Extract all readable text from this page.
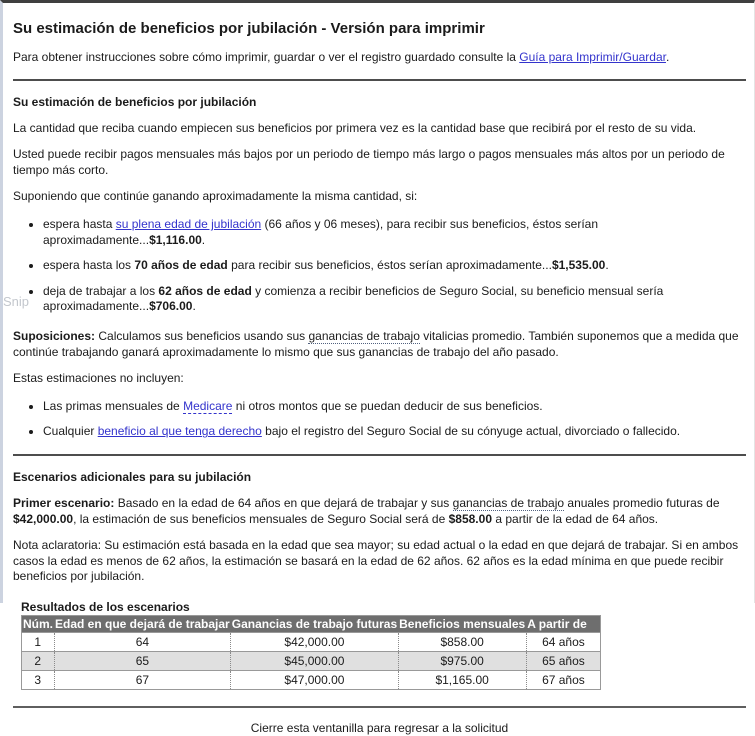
Snip
Su estimación de beneficios por jubilación - Versión para imprimir

Para obtener instrucciones sobre cómo imprimir, guardar o ver el registro guardado consulte la Guía para Imprimir/Guardar.

Su estimación de beneficios por jubilación

La cantidad que reciba cuando empiecen sus beneficios por primera vez es la cantidad base que recibirá por el resto de su vida.

Usted puede recibir pagos mensuales más bajos por un periodo de tiempo más largo o pagos mensuales más altos por un periodo de tiempo más corto.

Suponiendo que continúe ganando aproximadamente la misma cantidad, si:

• espera hasta su plena edad de jubilación (66 años y 06 meses), para recibir sus beneficios, éstos serían aproximadamente...$1,116.00.
• espera hasta los 70 años de edad para recibir sus beneficios, éstos serían aproximadamente...$1,535.00.
• deja de trabajar a los 62 años de edad y comienza a recibir beneficios de Seguro Social, su beneficio mensual sería aproximadamente...$706.00.

Suposiciones: Calculamos sus beneficios usando sus ganancias de trabajo vitalicias promedio. También suponemos que a medida que continúe trabajando ganará aproximadamente lo mismo que sus ganancias de trabajo del año pasado.

Estas estimaciones no incluyen:

• Las primas mensuales de Medicare ni otros montos que se puedan deducir de sus beneficios.
• Cualquier beneficio al que tenga derecho bajo el registro del Seguro Social de su cónyuge actual, divorciado o fallecido.
Escenarios adicionales para su jubilación

Primer escenario: Basado en la edad de 64 años en que dejará de trabajar y sus ganancias de trabajo anuales promedio futuras de $42,000.00, la estimación de sus beneficios mensuales de Seguro Social será de $858.00 a partir de la edad de 64 años.

Nota aclaratoria: Su estimación está basada en la edad que sea mayor; su edad actual o la edad en que dejará de trabajar. Si en ambos casos la edad es menos de 62 años, la estimación se basará en la edad de 62 años. 62 años es la edad mínima en que puede recibir beneficios por jubilación.

Resultados de los escenarios
Núm.	Edad en que dejará de trabajar	Ganancias de trabajo futuras	Beneficios mensuales	A partir de
1	64	$42,000.00	$858.00	64 años
2	65	$45,000.00	$975.00	65 años
3	67	$47,000.00	$1,165.00	67 años

Cierre esta ventanilla para regresar a la solicitud
